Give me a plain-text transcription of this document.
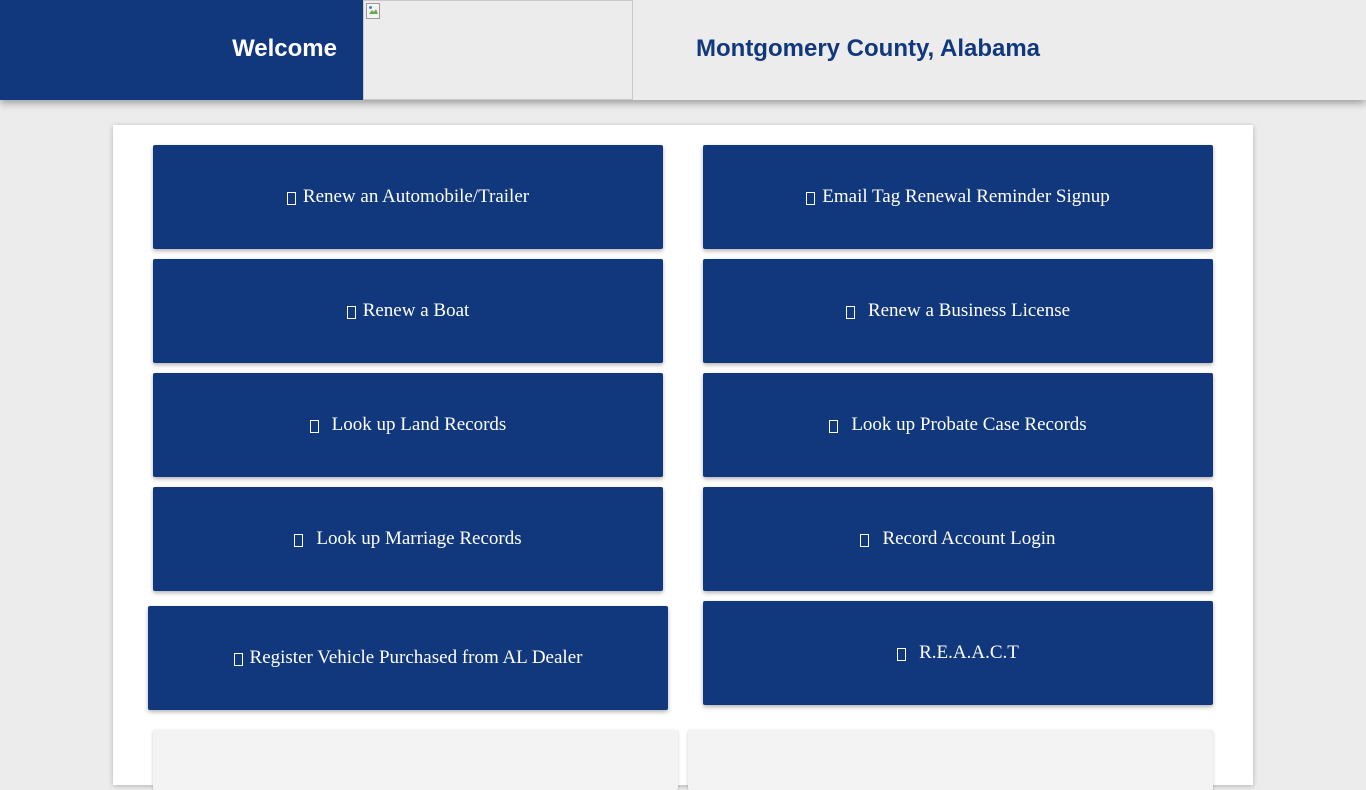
Welcome	Montgomery County, Alabama
Renew an Automobile/Trailer	Email Tag Renewal Reminder Signup
Renew a Boat	Renew a Business License
Look up Land Records	Look up Probate Case Records
Look up Marriage Records	Record Account Login
Register Vehicle Purchased from AL Dealer	R.E.A.A.C.T
